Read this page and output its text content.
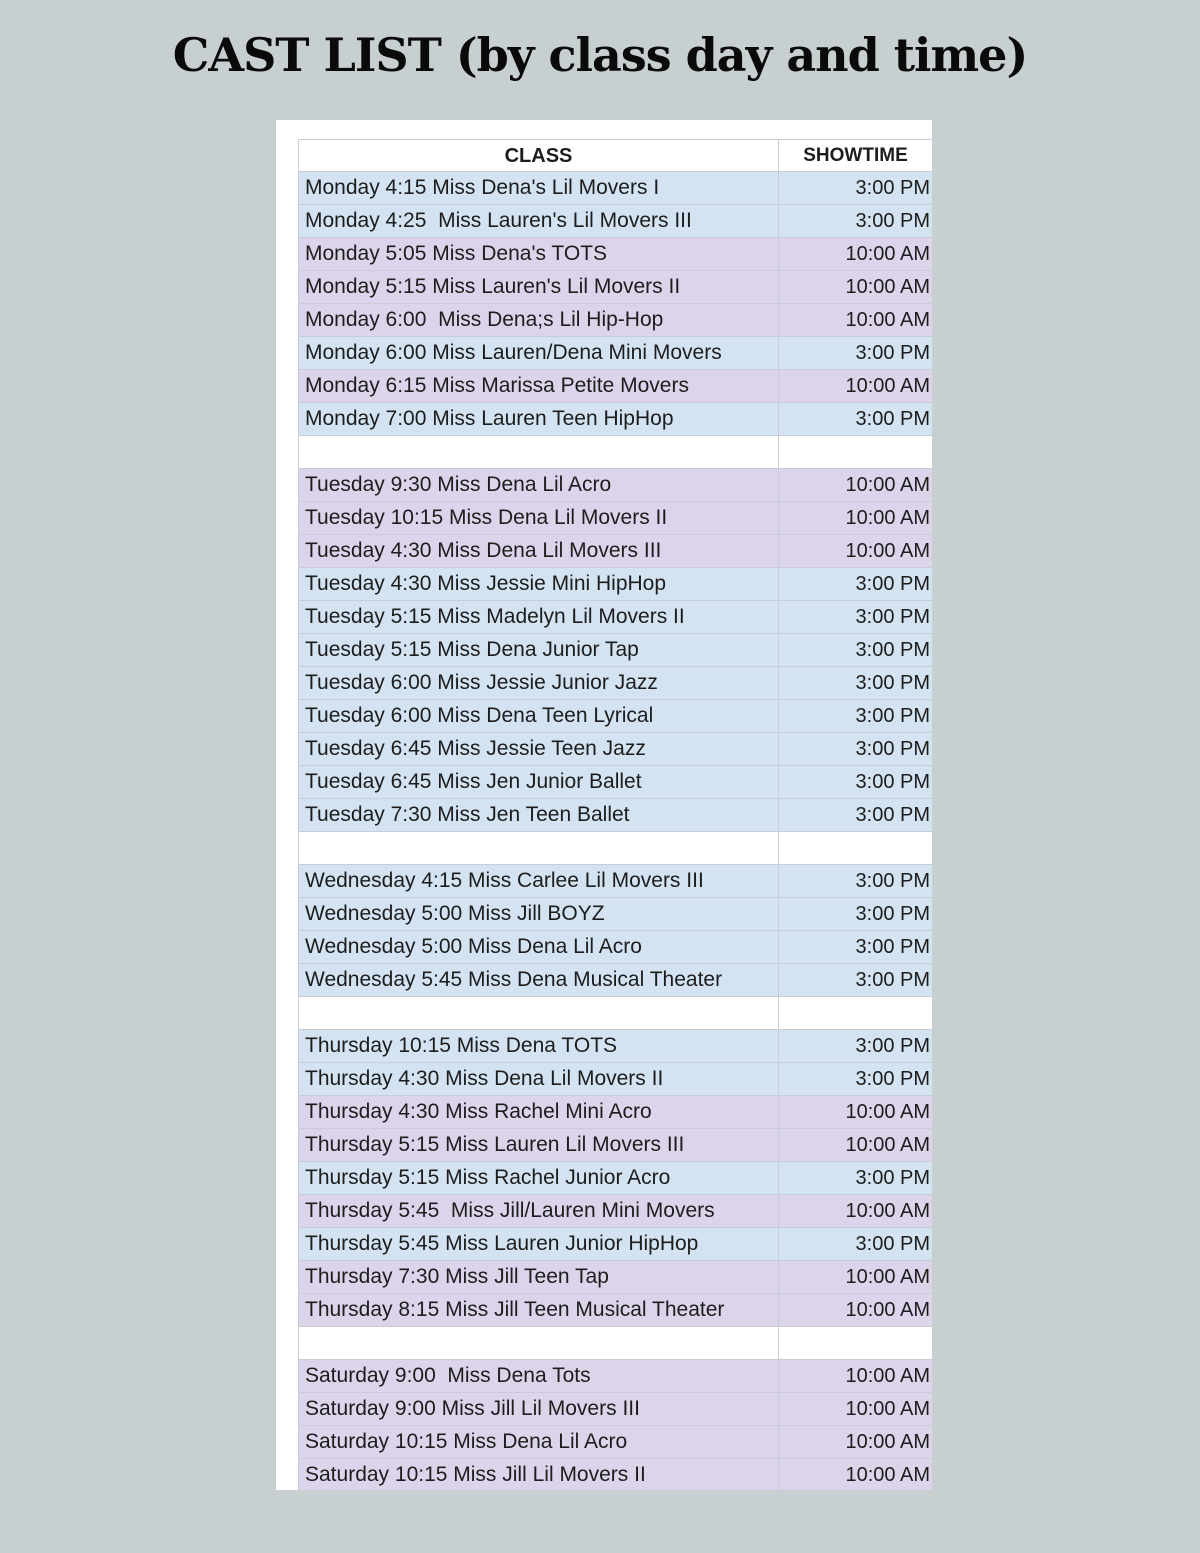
CAST LIST (by class day and time)
CLASS	SHOWTIME
Monday 4:15 Miss Dena's Lil Movers I	3:00 PM
Monday 4:25  Miss Lauren's Lil Movers III	3:00 PM
Monday 5:05 Miss Dena's TOTS	10:00 AM
Monday 5:15 Miss Lauren's Lil Movers II	10:00 AM
Monday 6:00  Miss Dena;s Lil Hip-Hop	10:00 AM
Monday 6:00 Miss Lauren/Dena Mini Movers	3:00 PM
Monday 6:15 Miss Marissa Petite Movers	10:00 AM
Monday 7:00 Miss Lauren Teen HipHop	3:00 PM
Tuesday 9:30 Miss Dena Lil Acro	10:00 AM
Tuesday 10:15 Miss Dena Lil Movers II	10:00 AM
Tuesday 4:30 Miss Dena Lil Movers III	10:00 AM
Tuesday 4:30 Miss Jessie Mini HipHop	3:00 PM
Tuesday 5:15 Miss Madelyn Lil Movers II	3:00 PM
Tuesday 5:15 Miss Dena Junior Tap	3:00 PM
Tuesday 6:00 Miss Jessie Junior Jazz	3:00 PM
Tuesday 6:00 Miss Dena Teen Lyrical	3:00 PM
Tuesday 6:45 Miss Jessie Teen Jazz	3:00 PM
Tuesday 6:45 Miss Jen Junior Ballet	3:00 PM
Tuesday 7:30 Miss Jen Teen Ballet	3:00 PM
Wednesday 4:15 Miss Carlee Lil Movers III	3:00 PM
Wednesday 5:00 Miss Jill BOYZ	3:00 PM
Wednesday 5:00 Miss Dena Lil Acro	3:00 PM
Wednesday 5:45 Miss Dena Musical Theater	3:00 PM
Thursday 10:15 Miss Dena TOTS	3:00 PM
Thursday 4:30 Miss Dena Lil Movers II	3:00 PM
Thursday 4:30 Miss Rachel Mini Acro	10:00 AM
Thursday 5:15 Miss Lauren Lil Movers III	10:00 AM
Thursday 5:15 Miss Rachel Junior Acro	3:00 PM
Thursday 5:45  Miss Jill/Lauren Mini Movers	10:00 AM
Thursday 5:45 Miss Lauren Junior HipHop	3:00 PM
Thursday 7:30 Miss Jill Teen Tap	10:00 AM
Thursday 8:15 Miss Jill Teen Musical Theater	10:00 AM
Saturday 9:00  Miss Dena Tots	10:00 AM
Saturday 9:00 Miss Jill Lil Movers III	10:00 AM
Saturday 10:15 Miss Dena Lil Acro	10:00 AM
Saturday 10:15 Miss Jill Lil Movers II	10:00 AM
